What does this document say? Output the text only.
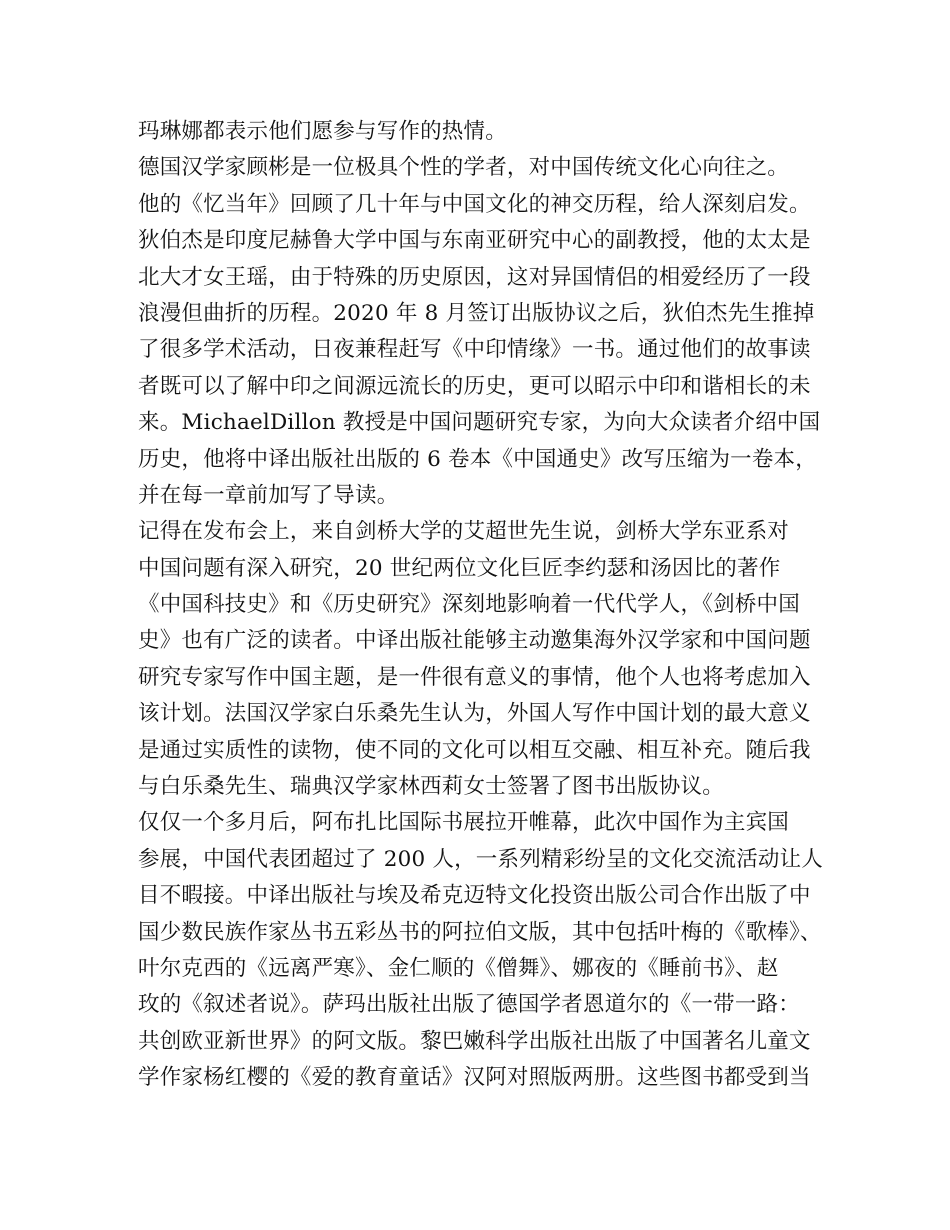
玛琳娜都表示他们愿参与写作的热情。
德国汉学家顾彬是一位极具个性的学者，对中国传统文化心向往之。
他的《忆当年》回顾了几十年与中国文化的神交历程，给人深刻启发。
狄伯杰是印度尼赫鲁大学中国与东南亚研究中心的副教授，他的太太是
北大才女王瑶，由于特殊的历史原因，这对异国情侣的相爱经历了一段
浪漫但曲折的历程。2020 年 8 月签订出版协议之后，狄伯杰先生推掉
了很多学术活动，日夜兼程赶写《中印情缘》一书。通过他们的故事读
者既可以了解中印之间源远流长的历史，更可以昭示中印和谐相长的未
来。MichaelDillon 教授是中国问题研究专家，为向大众读者介绍中国
历史，他将中译出版社出版的 6 卷本《中国通史》改写压缩为一卷本，
并在每一章前加写了导读。
记得在发布会上，来自剑桥大学的艾超世先生说，剑桥大学东亚系对
中国问题有深入研究，20 世纪两位文化巨匠李约瑟和汤因比的著作
《中国科技史》和《历史研究》深刻地影响着一代代学人，《剑桥中国
史》也有广泛的读者。中译出版社能够主动邀集海外汉学家和中国问题
研究专家写作中国主题，是一件很有意义的事情，他个人也将考虑加入
该计划。法国汉学家白乐桑先生认为，外国人写作中国计划的最大意义
是通过实质性的读物，使不同的文化可以相互交融、相互补充。随后我
与白乐桑先生、瑞典汉学家林西莉女士签署了图书出版协议。
仅仅一个多月后，阿布扎比国际书展拉开帷幕，此次中国作为主宾国
参展，中国代表团超过了 200 人，一系列精彩纷呈的文化交流活动让人
目不暇接。中译出版社与埃及希克迈特文化投资出版公司合作出版了中
国少数民族作家丛书五彩丛书的阿拉伯文版，其中包括叶梅的《歌棒》、
叶尔克西的《远离严寒》、金仁顺的《僧舞》、娜夜的《睡前书》、赵
玫的《叙述者说》。萨玛出版社出版了德国学者恩道尔的《一带一路：
共创欧亚新世界》的阿文版。黎巴嫩科学出版社出版了中国著名儿童文
学作家杨红樱的《爱的教育童话》汉阿对照版两册。这些图书都受到当
